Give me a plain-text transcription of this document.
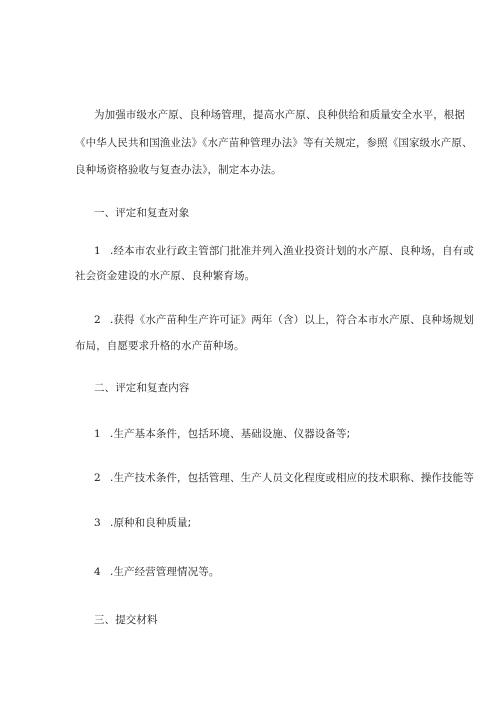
为加强市级水产原、良种场管理，提高水产原、良种供给和质量安全水平，根据
《中华人民共和国渔业法》《水产苗种管理办法》等有关规定，参照《国家级水产原、
良种场资格验收与复查办法》，制定本办法。
一、评定和复查对象
1 .经本市农业行政主管部门批准并列入渔业投资计划的水产原、良种场，自有或
社会资金建设的水产原、良种繁育场。
2 .获得《水产苗种生产许可证》两年（含）以上，符合本市水产原、良种场规划
布局，自愿要求升格的水产苗种场。
二、评定和复查内容
1 .生产基本条件，包括环境、基础设施、仪器设备等;
2 .生产技术条件，包括管理、生产人员文化程度或相应的技术职称、操作技能等
3 .原种和良种质量;
4 .生产经营管理情况等。
三、提交材料
